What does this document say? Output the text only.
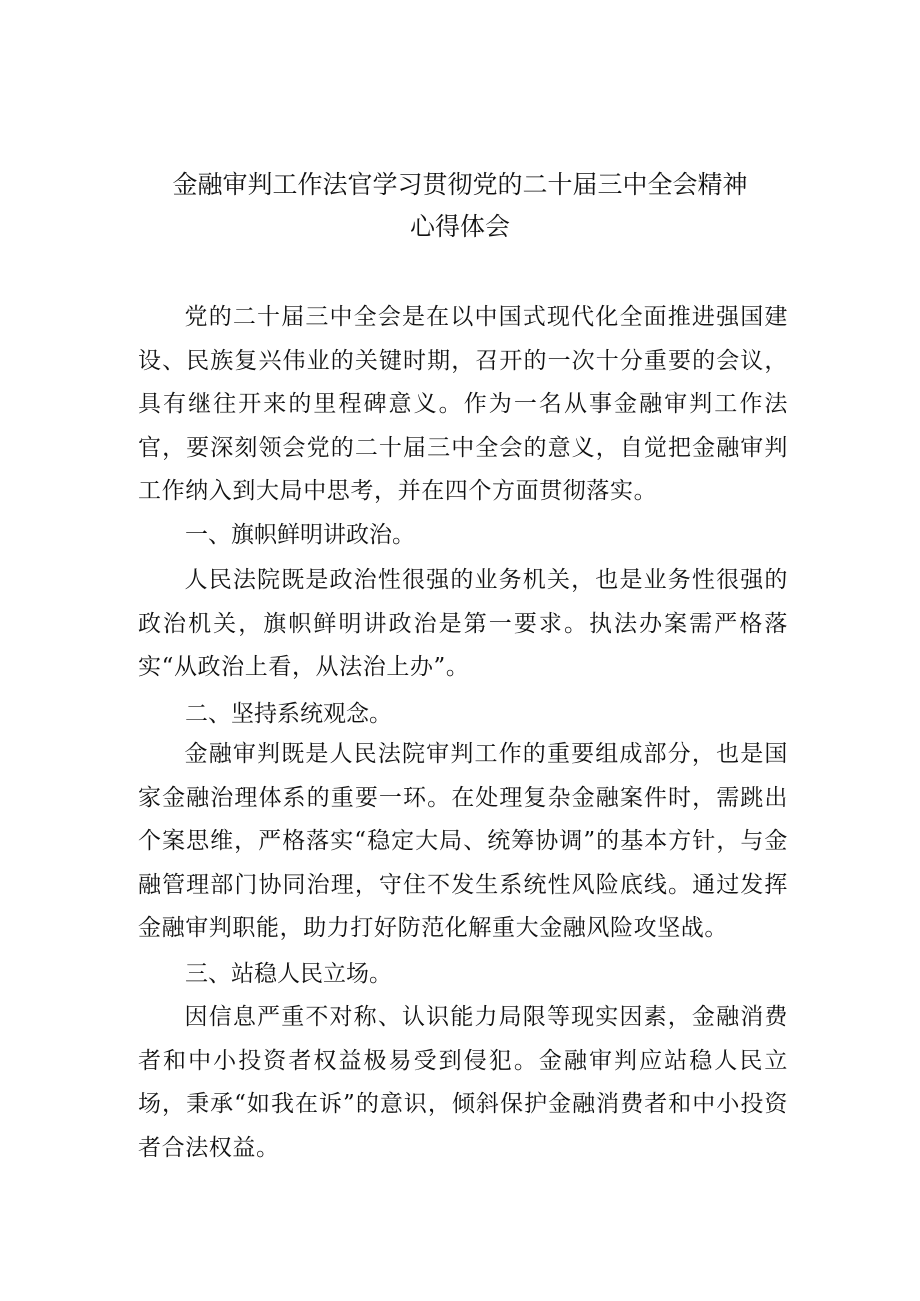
金融审判工作法官学习贯彻党的二十届三中全会精神
心得体会

党的二十届三中全会是在以中国式现代化全面推进强国建设、民族复兴伟业的关键时期，召开的一次十分重要的会议，具有继往开来的里程碑意义。作为一名从事金融审判工作法官，要深刻领会党的二十届三中全会的意义，自觉把金融审判工作纳入到大局中思考，并在四个方面贯彻落实。

一、旗帜鲜明讲政治。

人民法院既是政治性很强的业务机关，也是业务性很强的政治机关，旗帜鲜明讲政治是第一要求。执法办案需严格落实“从政治上看，从法治上办”。

二、坚持系统观念。

金融审判既是人民法院审判工作的重要组成部分，也是国家金融治理体系的重要一环。在处理复杂金融案件时，需跳出个案思维，严格落实“稳定大局、统筹协调”的基本方针，与金融管理部门协同治理，守住不发生系统性风险底线。通过发挥金融审判职能，助力打好防范化解重大金融风险攻坚战。

三、站稳人民立场。

因信息严重不对称、认识能力局限等现实因素，金融消费者和中小投资者权益极易受到侵犯。金融审判应站稳人民立场，秉承“如我在诉”的意识，倾斜保护金融消费者和中小投资者合法权益。
